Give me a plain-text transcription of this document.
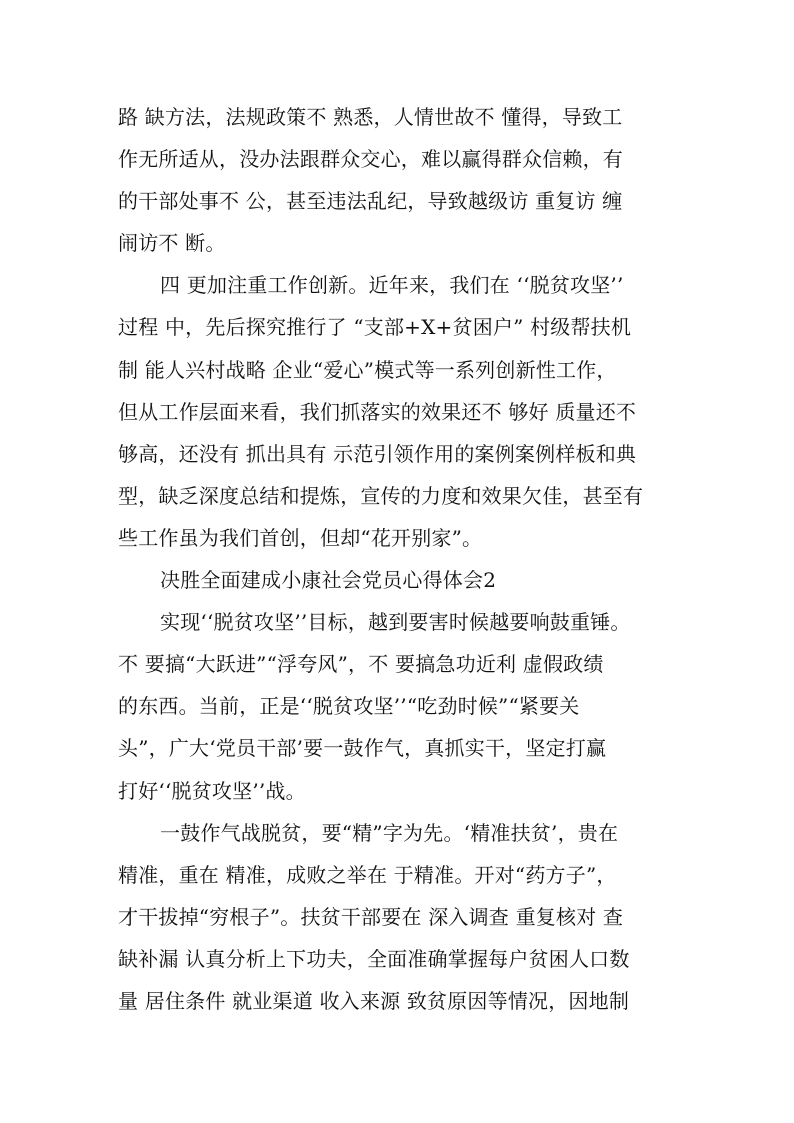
路 缺方法，法规政策不 熟悉，人情世故不 懂得，导致工
作无所适从，没办法跟群众交心，难以赢得群众信赖，有
的干部处事不 公，甚至违法乱纪，导致越级访 重复访 缠
闹访不 断。
四 更加注重工作创新。近年来，我们在 ‘‘脱贫攻坚’’
过程 中，先后探究推行了 “支部+X+贫困户” 村级帮扶机
制 能人兴村战略 企业“爱心”模式等一系列创新性工作，
但从工作层面来看，我们抓落实的效果还不 够好 质量还不
够高，还没有 抓出具有 示范引领作用的案例案例样板和典
型，缺乏深度总结和提炼，宣传的力度和效果欠佳，甚至有
些工作虽为我们首创，但却“花开别家”。
决胜全面建成小康社会党员心得体会2
实现‘‘脱贫攻坚’’目标，越到要害时候越要响鼓重锤。
不 要搞“大跃进”“浮夸风”，不 要搞急功近利 虚假政绩
的东西。当前，正是‘‘脱贫攻坚’’“吃劲时候”“紧要关
头”，广大‘党员干部’要一鼓作气，真抓实干，坚定打赢
打好‘‘脱贫攻坚’’战。
一鼓作气战脱贫，要“精”字为先。‘精准扶贫’，贵在
精准，重在 精准，成败之举在 于精准。开对“药方子”，
才干拔掉“穷根子”。扶贫干部要在 深入调查 重复核对 查
缺补漏 认真分析上下功夫，全面准确掌握每户贫困人口数
量 居住条件 就业渠道 收入来源 致贫原因等情况，因地制
